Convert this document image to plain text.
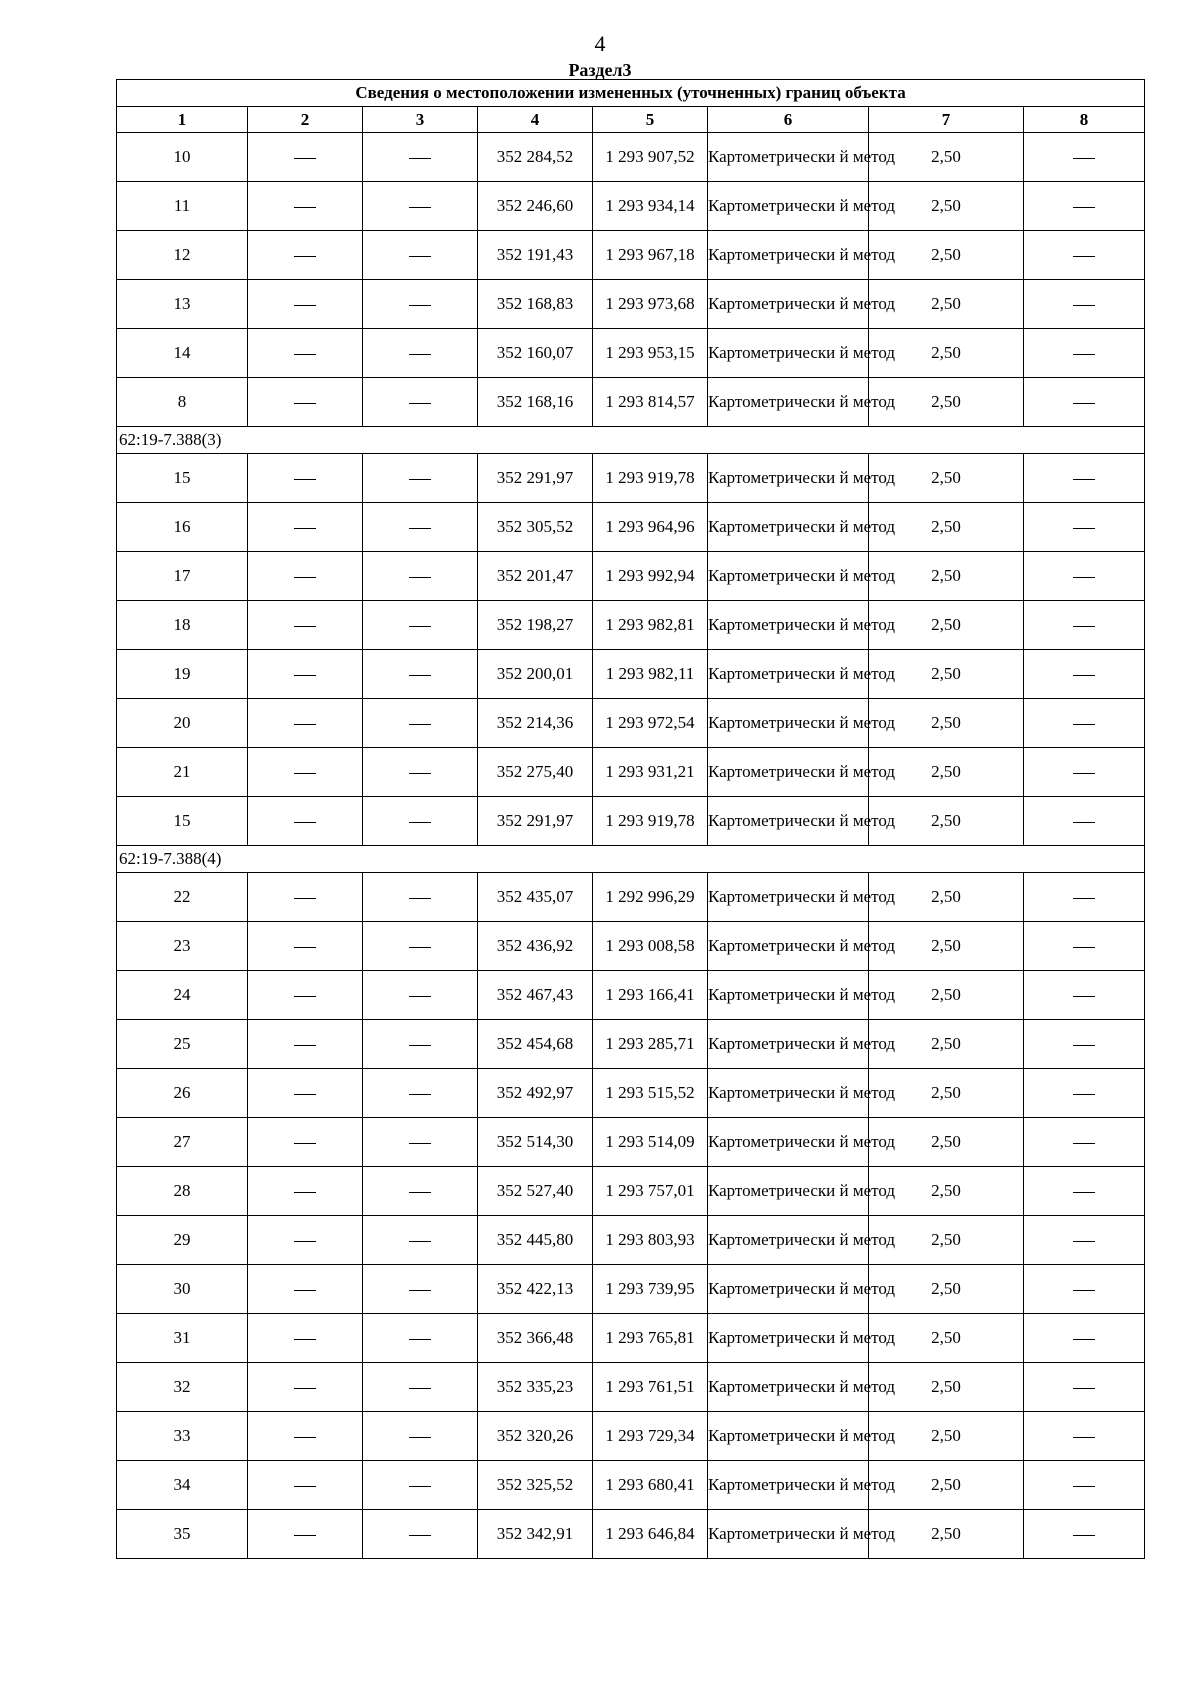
4
Раздел3
Сведения о местоположении измененных (уточненных) границ объекта							
1	2	3	4	5	6	7	8
10			352 284,52	1 293 907,52	Картометрически й метод	2,50	
11			352 246,60	1 293 934,14	Картометрически й метод	2,50	
12			352 191,43	1 293 967,18	Картометрически й метод	2,50	
13			352 168,83	1 293 973,68	Картометрически й метод	2,50	
14			352 160,07	1 293 953,15	Картометрически й метод	2,50	
8			352 168,16	1 293 814,57	Картометрически й метод	2,50	
62:19-7.388(3)							
15			352 291,97	1 293 919,78	Картометрически й метод	2,50	
16			352 305,52	1 293 964,96	Картометрически й метод	2,50	
17			352 201,47	1 293 992,94	Картометрически й метод	2,50	
18			352 198,27	1 293 982,81	Картометрически й метод	2,50	
19			352 200,01	1 293 982,11	Картометрически й метод	2,50	
20			352 214,36	1 293 972,54	Картометрически й метод	2,50	
21			352 275,40	1 293 931,21	Картометрически й метод	2,50	
15			352 291,97	1 293 919,78	Картометрически й метод	2,50	
62:19-7.388(4)							
22			352 435,07	1 292 996,29	Картометрически й метод	2,50	
23			352 436,92	1 293 008,58	Картометрически й метод	2,50	
24			352 467,43	1 293 166,41	Картометрически й метод	2,50	
25			352 454,68	1 293 285,71	Картометрически й метод	2,50	
26			352 492,97	1 293 515,52	Картометрически й метод	2,50	
27			352 514,30	1 293 514,09	Картометрически й метод	2,50	
28			352 527,40	1 293 757,01	Картометрически й метод	2,50	
29			352 445,80	1 293 803,93	Картометрически й метод	2,50	
30			352 422,13	1 293 739,95	Картометрически й метод	2,50	
31			352 366,48	1 293 765,81	Картометрически й метод	2,50	
32			352 335,23	1 293 761,51	Картометрически й метод	2,50	
33			352 320,26	1 293 729,34	Картометрически й метод	2,50	
34			352 325,52	1 293 680,41	Картометрически й метод	2,50	
35			352 342,91	1 293 646,84	Картометрически й метод	2,50	
